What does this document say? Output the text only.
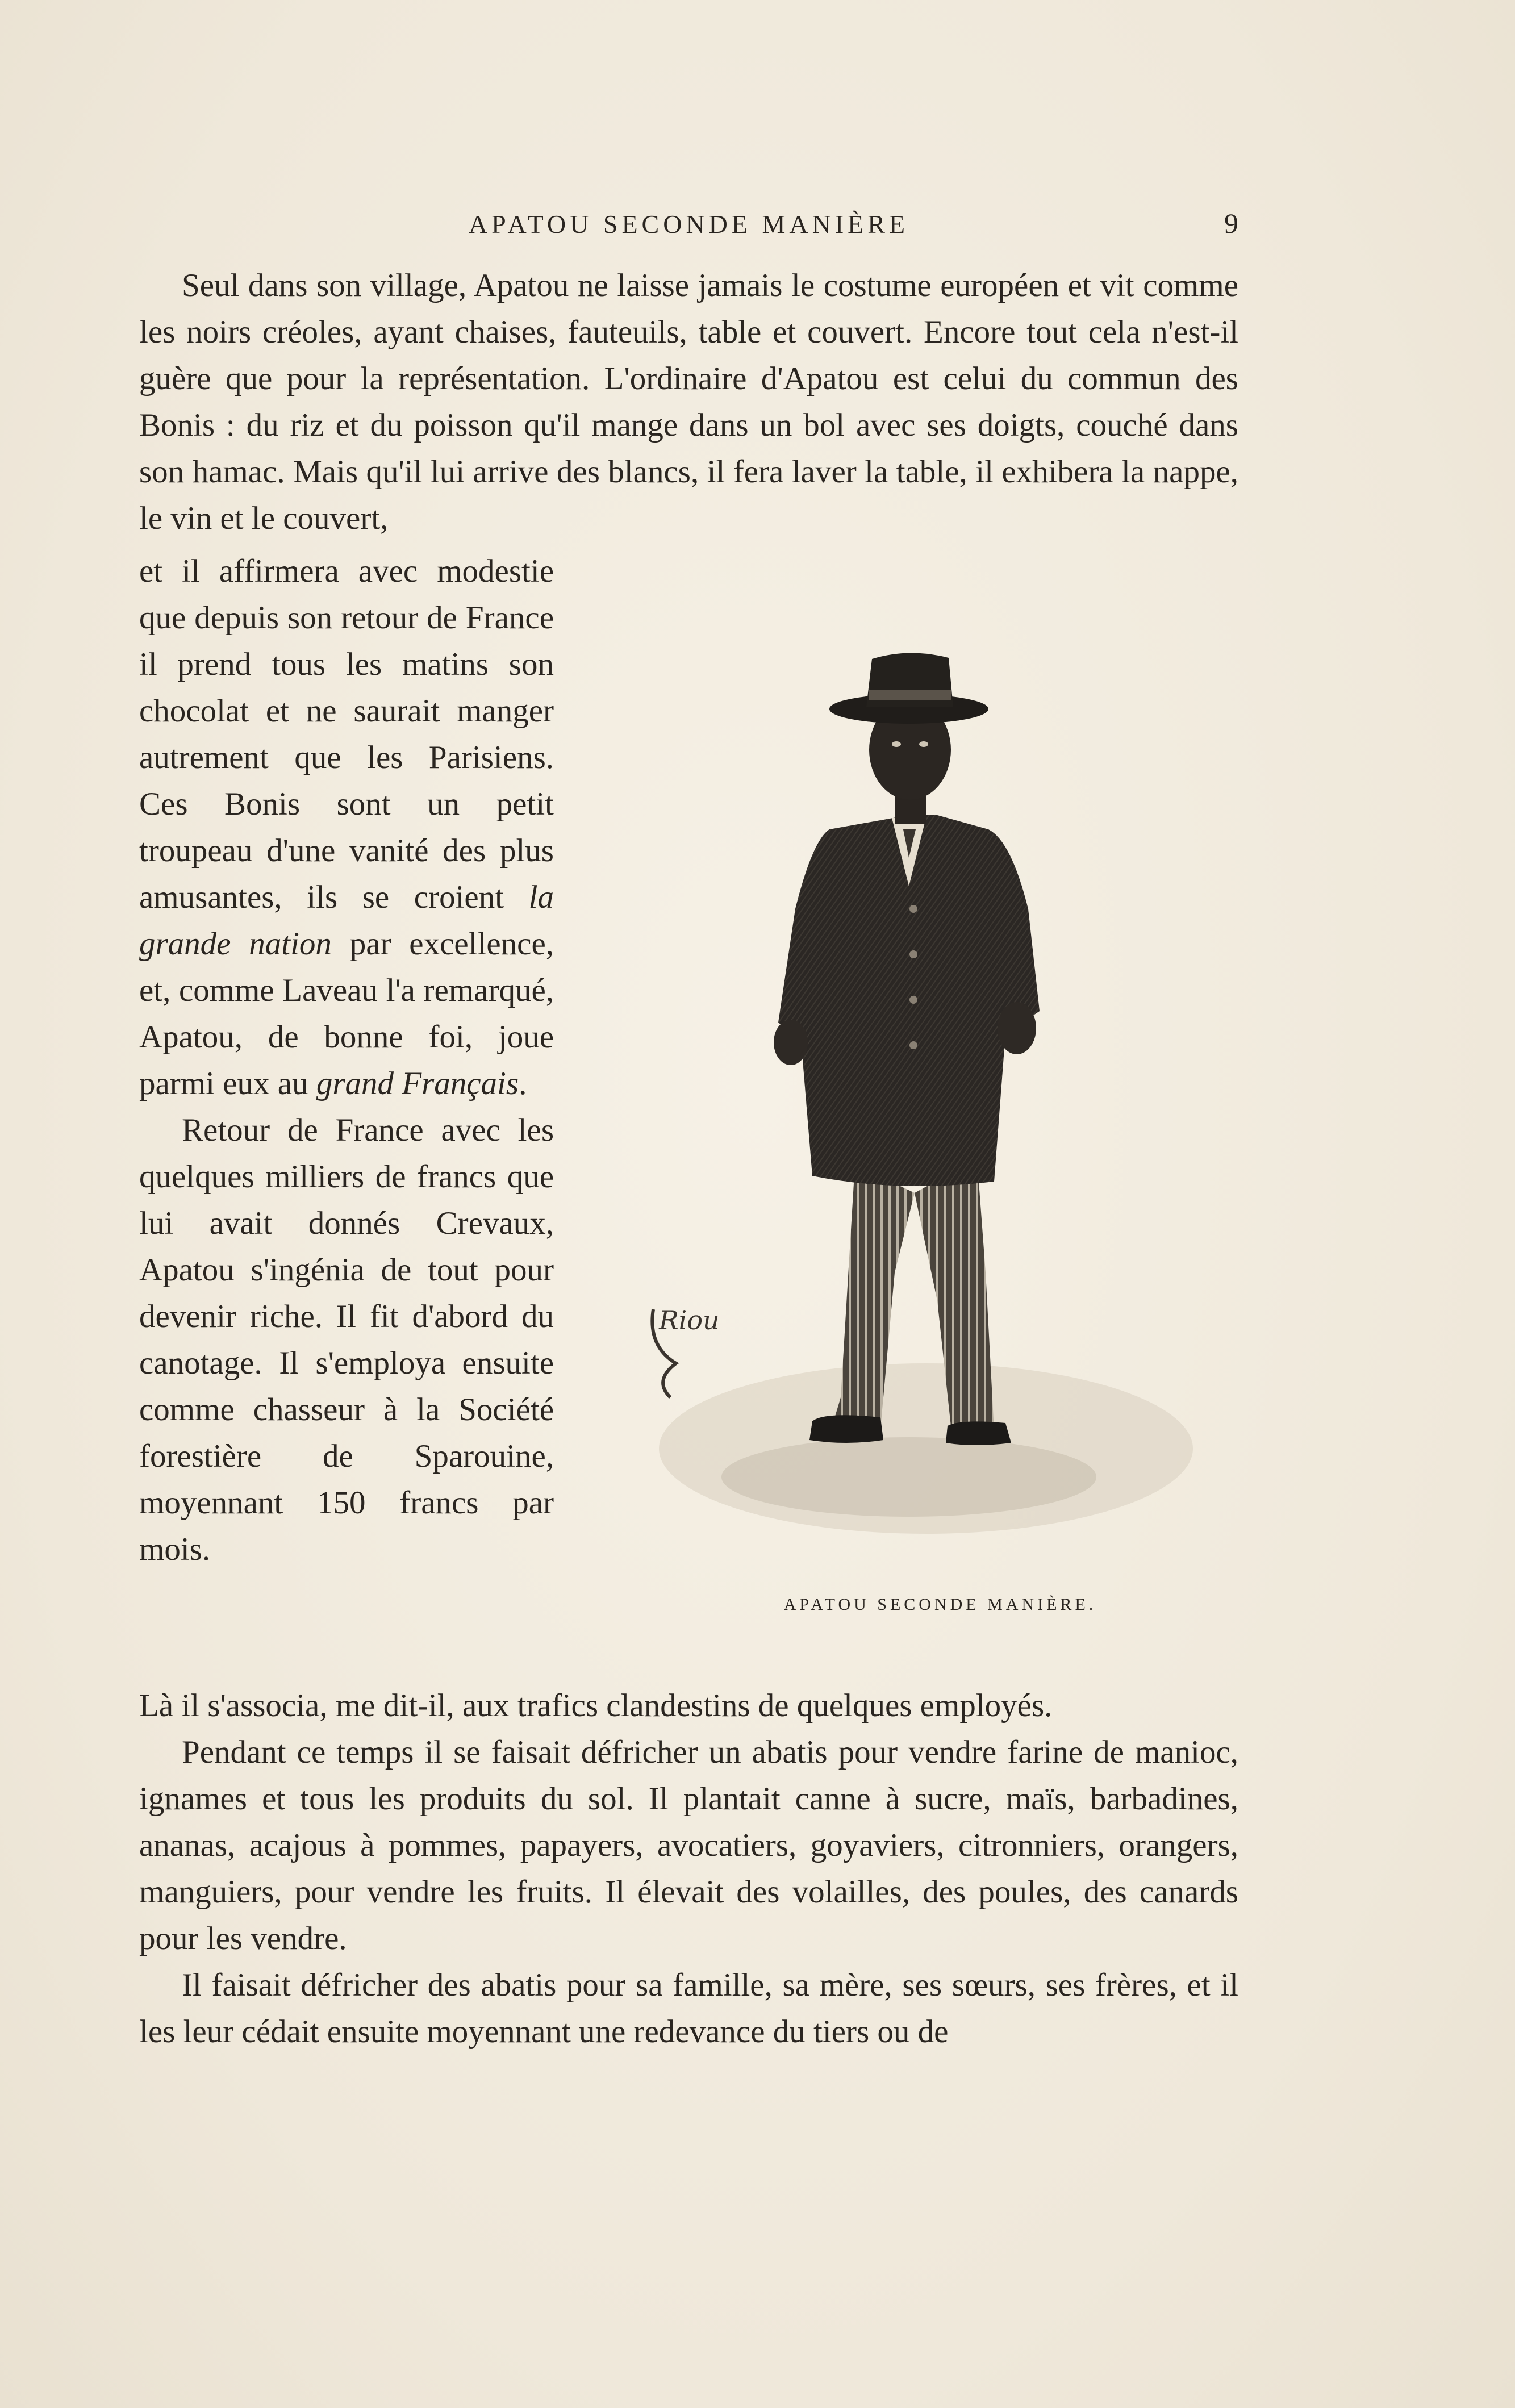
APATOU SECONDE MANIÈRE	9

Seul dans son village, Apatou ne laisse jamais le costume européen et vit comme les noirs créoles, ayant chaises, fauteuils, table et couvert. Encore tout cela n'est-il guère que pour la représentation. L'ordinaire d'Apatou est celui du commun des Bonis : du riz et du poisson qu'il mange dans un bol avec ses doigts, couché dans son hamac. Mais qu'il lui arrive des blancs, il fera laver la table, il exhibera la nappe, le vin et le couvert,

et il affirmera avec modestie que depuis son retour de France il prend tous les matins son chocolat et ne saurait manger autrement que les Parisiens. Ces Bonis sont un petit troupeau d'une vanité des plus amusantes, ils se croient la grande nation par excellence, et, comme Laveau l'a remarqué, Apatou, de bonne foi, joue parmi eux au grand Français.

Retour de France avec les quelques milliers de francs que lui avait donnés Crevaux, Apatou s'ingénia de tout pour devenir riche. Il fit d'abord du canotage. Il s'employa ensuite comme chasseur à la Société forestière de Sparouine, moyennant 150 francs par mois.

Riou
APATOU SECONDE MANIÈRE.

Là il s'associa, me dit-il, aux trafics clandestins de quelques employés.

Pendant ce temps il se faisait défricher un abatis pour vendre farine de manioc, ignames et tous les produits du sol. Il plantait canne à sucre, maïs, barbadines, ananas, acajous à pommes, papayers, avocatiers, goyaviers, citronniers, orangers, manguiers, pour vendre les fruits. Il élevait des volailles, des poules, des canards pour les vendre.

Il faisait défricher des abatis pour sa famille, sa mère, ses sœurs, ses frères, et il les leur cédait ensuite moyennant une redevance du tiers ou de
